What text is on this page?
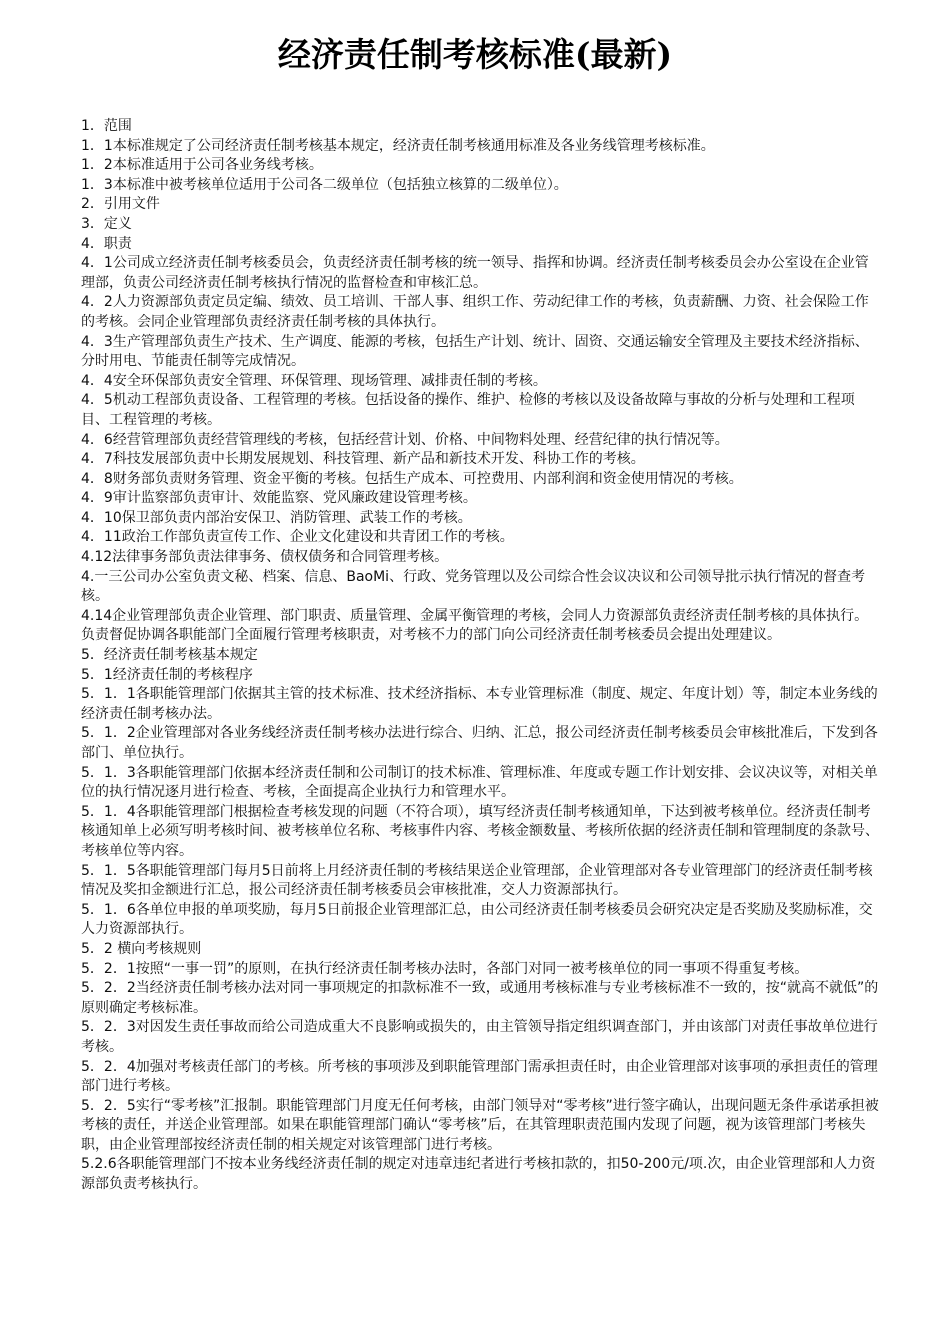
经济责任制考核标准(最新)

1．范围

1．1本标准规定了公司经济责任制考核基本规定，经济责任制考核通用标准及各业务线管理考核标准。

1．2本标准适用于公司各业务线考核。

1．3本标准中被考核单位适用于公司各二级单位（包括独立核算的二级单位）。

2．引用文件

3．定义

4．职责

4．1公司成立经济责任制考核委员会，负责经济责任制考核的统一领导、指挥和协调。经济责任制考核委员会办公室设在企业管理部，负责公司经济责任制考核执行情况的监督检查和审核汇总。

4．2人力资源部负责定员定编、绩效、员工培训、干部人事、组织工作、劳动纪律工作的考核，负责薪酬、力资、社会保险工作的考核。会同企业管理部负责经济责任制考核的具体执行。

4．3生产管理部负责生产技术、生产调度、能源的考核，包括生产计划、统计、固资、交通运输安全管理及主要技术经济指标、分时用电、节能责任制等完成情况。

4．4安全环保部负责安全管理、环保管理、现场管理、减排责任制的考核。

4．5机动工程部负责设备、工程管理的考核。包括设备的操作、维护、检修的考核以及设备故障与事故的分析与处理和工程项目、工程管理的考核。

4．6经营管理部负责经营管理线的考核，包括经营计划、价格、中间物料处理、经营纪律的执行情况等。

4．7科技发展部负责中长期发展规划、科技管理、新产品和新技术开发、科协工作的考核。

4．8财务部负责财务管理、资金平衡的考核。包括生产成本、可控费用、内部利润和资金使用情况的考核。

4．9审计监察部负责审计、效能监察、党风廉政建设管理考核。

4．10保卫部负责内部治安保卫、消防管理、武装工作的考核。

4．11政治工作部负责宣传工作、企业文化建设和共青团工作的考核。

4.12法律事务部负责法律事务、债权债务和合同管理考核。

4.一三公司办公室负责文秘、档案、信息、BaoMi、行政、党务管理以及公司综合性会议决议和公司领导批示执行情况的督查考核。

4.14企业管理部负责企业管理、部门职责、质量管理、金属平衡管理的考核，会同人力资源部负责经济责任制考核的具体执行。负责督促协调各职能部门全面履行管理考核职责，对考核不力的部门向公司经济责任制考核委员会提出处理建议。

5．经济责任制考核基本规定

5．1经济责任制的考核程序

5．1．1各职能管理部门依据其主管的技术标准、技术经济指标、本专业管理标准（制度、规定、年度计划）等，制定本业务线的经济责任制考核办法。

5．1．2企业管理部对各业务线经济责任制考核办法进行综合、归纳、汇总，报公司经济责任制考核委员会审核批准后，下发到各部门、单位执行。

5．1．3各职能管理部门依据本经济责任制和公司制订的技术标准、管理标准、年度或专题工作计划安排、会议决议等，对相关单位的执行情况逐月进行检查、考核，全面提高企业执行力和管理水平。

5．1．4各职能管理部门根据检查考核发现的问题（不符合项），填写经济责任制考核通知单，下达到被考核单位。经济责任制考核通知单上必须写明考核时间、被考核单位名称、考核事件内容、考核金额数量、考核所依据的经济责任制和管理制度的条款号、考核单位等内容。

5．1．5各职能管理部门每月5日前将上月经济责任制的考核结果送企业管理部，企业管理部对各专业管理部门的经济责任制考核情况及奖扣金额进行汇总，报公司经济责任制考核委员会审核批准，交人力资源部执行。

5．1．6各单位申报的单项奖励，每月5日前报企业管理部汇总，由公司经济责任制考核委员会研究决定是否奖励及奖励标准，交人力资源部执行。

5．2 横向考核规则

5．2．1按照“一事一罚”的原则，在执行经济责任制考核办法时，各部门对同一被考核单位的同一事项不得重复考核。

5．2．2当经济责任制考核办法对同一事项规定的扣款标准不一致，或通用考核标准与专业考核标准不一致的，按“就高不就低”的原则确定考核标准。

5．2．3对因发生责任事故而给公司造成重大不良影响或损失的，由主管领导指定组织调查部门，并由该部门对责任事故单位进行考核。

5．2．4加强对考核责任部门的考核。所考核的事项涉及到职能管理部门需承担责任时，由企业管理部对该事项的承担责任的管理部门进行考核。

5．2．5实行“零考核”汇报制。职能管理部门月度无任何考核，由部门领导对“零考核”进行签字确认，出现问题无条件承诺承担被考核的责任，并送企业管理部。如果在职能管理部门确认“零考核”后，在其管理职责范围内发现了问题，视为该管理部门考核失职，由企业管理部按经济责任制的相关规定对该管理部门进行考核。

5.2.6各职能管理部门不按本业务线经济责任制的规定对违章违纪者进行考核扣款的，扣50-200元/项.次，由企业管理部和人力资源部负责考核执行。
